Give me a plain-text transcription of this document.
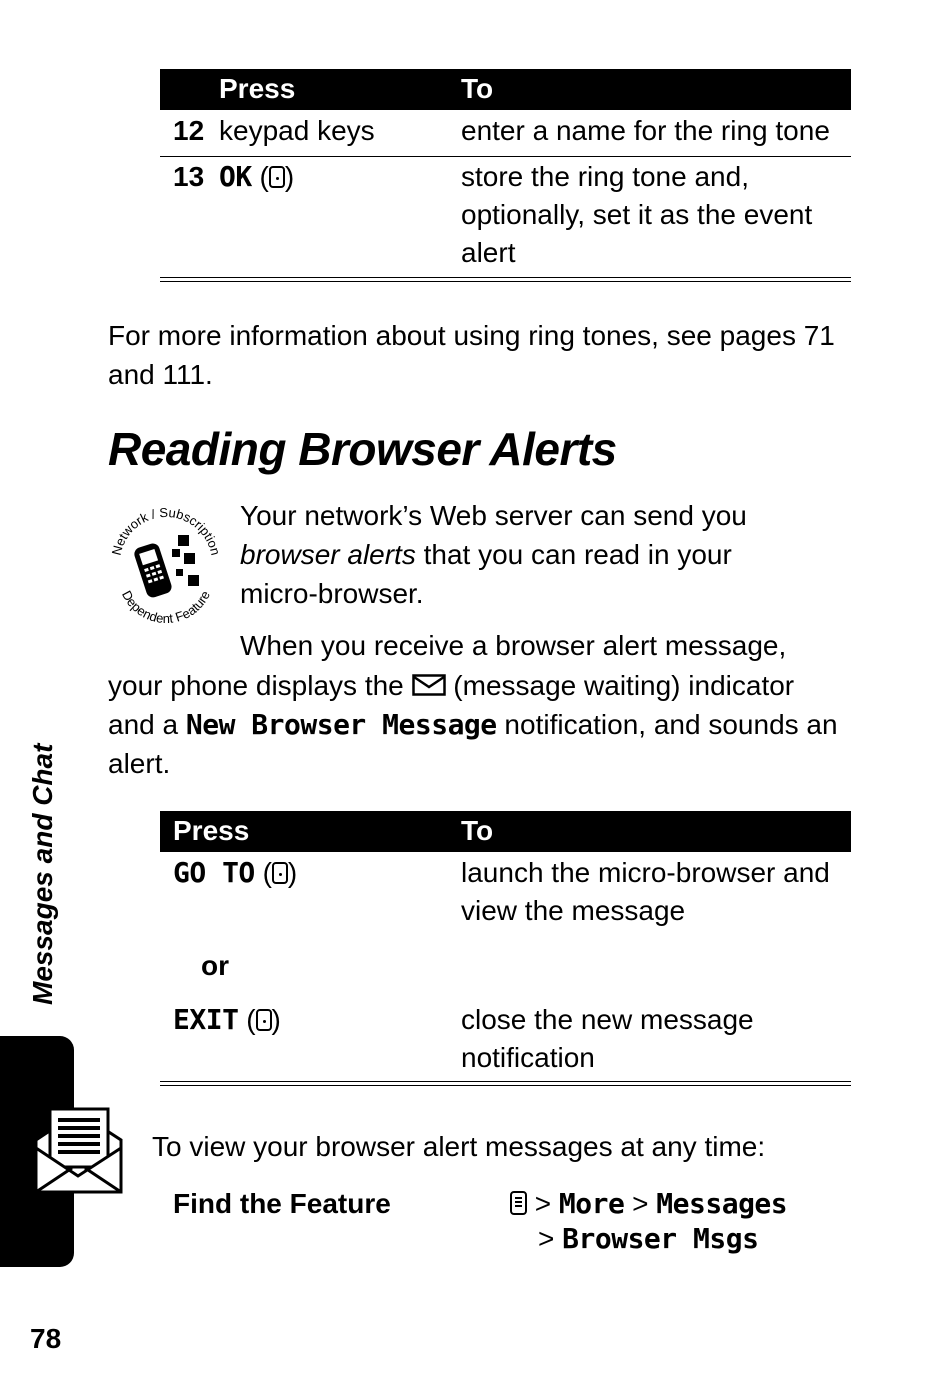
Press	To
12 keypad keys	enter a name for the ring tone
13 OK ( )	store the ring tone and,
optionally, set it as the event
alert
For more information about using ring tones, see pages 71
and 111.
Reading Browser Alerts
Network / Subscription
Dependent Feature
Your network’s Web server can send you
browser alerts that you can read in your
micro-browser.
When you receive a browser alert message,
your phone displays the  (message waiting) indicator
and a New Browser Message notification, and sounds an
alert.
Press	To
GO TO ( )	launch the micro-browser and
view the message
or
EXIT ( )	close the new message
notification
To view your browser alert messages at any time:
Find the Feature	> More > Messages
> Browser Msgs
Messages and Chat
78
